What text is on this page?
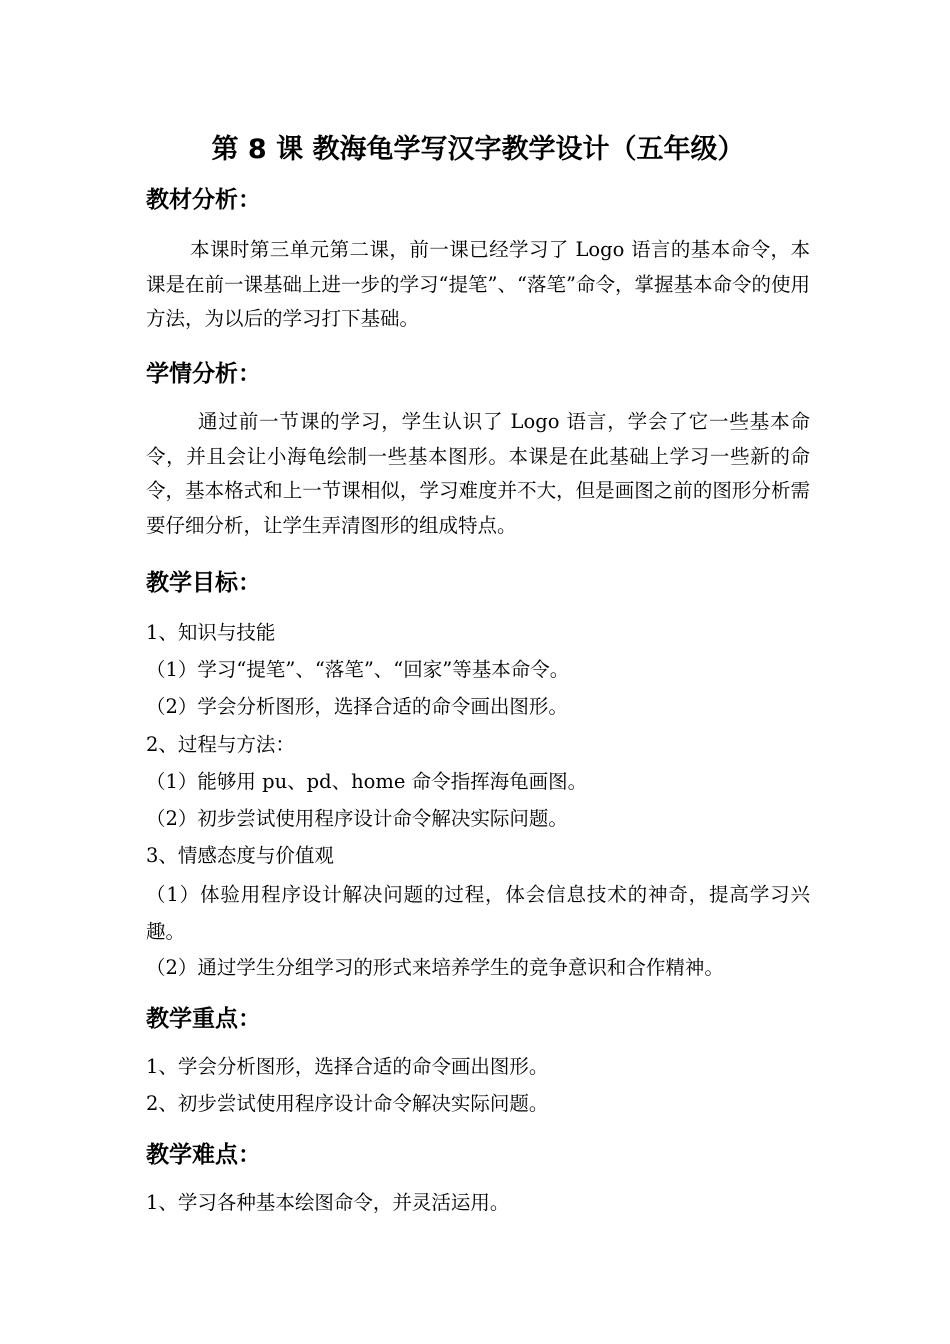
第 8 课 教海龟学写汉字教学设计（五年级）
教材分析：

本课时第三单元第二课，前一课已经学习了 Logo 语言的基本命令，本课是在前一课基础上进一步的学习“提笔”、“落笔”命令，掌握基本命令的使用方法，为以后的学习打下基础。

学情分析：

通过前一节课的学习，学生认识了 Logo 语言，学会了它一些基本命令，并且会让小海龟绘制一些基本图形。本课是在此基础上学习一些新的命令，基本格式和上一节课相似，学习难度并不大，但是画图之前的图形分析需要仔细分析，让学生弄清图形的组成特点。

教学目标：
1、知识与技能
（1）学习“提笔”、“落笔”、“回家”等基本命令。
（2）学会分析图形，选择合适的命令画出图形。
2、过程与方法：
（1）能够用 pu、pd、home 命令指挥海龟画图。
（2）初步尝试使用程序设计命令解决实际问题。
3、情感态度与价值观

（1）体验用程序设计解决问题的过程，体会信息技术的神奇，提高学习兴趣。

（2）通过学生分组学习的形式来培养学生的竞争意识和合作精神。
教学重点：
1、学会分析图形，选择合适的命令画出图形。
2、初步尝试使用程序设计命令解决实际问题。
教学难点：
1、学习各种基本绘图命令，并灵活运用。
